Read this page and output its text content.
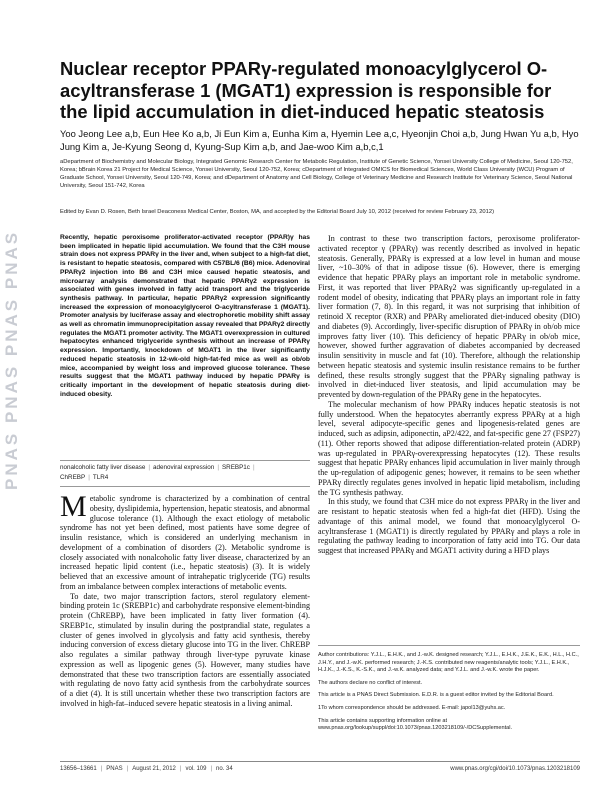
PNAS PNAS PNAS PNAS
Nuclear receptor PPARγ-regulated monoacylglycerol O-acyltransferase 1 (MGAT1) expression is responsible for the lipid accumulation in diet-induced hepatic steatosis
Yoo Jeong Lee a,b, Eun Hee Ko a,b, Ji Eun Kim a, Eunha Kim a, Hyemin Lee a,c, Hyeonjin Choi a,b, Jung Hwan Yu a,b, Hyo Jung Kim a, Je-Kyung Seong d, Kyung-Sup Kim a,b, and Jae-woo Kim a,b,c,1
aDepartment of Biochemistry and Molecular Biology, Integrated Genomic Research Center for Metabolic Regulation, Institute of Genetic Science, Yonsei University College of Medicine, Seoul 120-752, Korea; bBrain Korea 21 Project for Medical Science, Yonsei University, Seoul 120-752, Korea; cDepartment of Integrated OMICS for Biomedical Sciences, World Class University (WCU) Program of Graduate School, Yonsei University, Seoul 120-749, Korea; and dDepartment of Anatomy and Cell Biology, College of Veterinary Medicine and Research Institute for Veterinary Science, Seoul National University, Seoul 151-742, Korea
Edited by Evan D. Rosen, Beth Israel Deaconess Medical Center, Boston, MA, and accepted by the Editorial Board July 10, 2012 (received for review February 23, 2012)
Recently, hepatic peroxisome proliferator-activated receptor (PPAR)γ has been implicated in hepatic lipid accumulation. We found that the C3H mouse strain does not express PPARγ in the liver and, when subject to a high-fat diet, is resistant to hepatic steatosis, compared with C57BL/6 (B6) mice. Adenoviral PPARγ2 injection into B6 and C3H mice caused hepatic steatosis, and microarray analysis demonstrated that hepatic PPARγ2 expression is associated with genes involved in fatty acid transport and the triglyceride synthesis pathway. In particular, hepatic PPARγ2 expression significantly increased the expression of monoacylglycerol O-acyltransferase 1 (MGAT1). Promoter analysis by luciferase assay and electrophoretic mobility shift assay as well as chromatin immunoprecipitation assay revealed that PPARγ2 directly regulates the MGAT1 promoter activity. The MGAT1 overexpression in cultured hepatocytes enhanced triglyceride synthesis without an increase of PPARγ expression. Importantly, knockdown of MGAT1 in the liver significantly reduced hepatic steatosis in 12-wk-old high-fat-fed mice as well as ob/ob mice, accompanied by weight loss and improved glucose tolerance. These results suggest that the MGAT1 pathway induced by hepatic PPARγ is critically important in the development of hepatic steatosis during diet-induced obesity.
nonalcoholic fatty liver disease | adenoviral expression | SREBP1c |
ChREBP | TLR4

Metabolic syndrome is characterized by a combination of central obesity, dyslipidemia, hypertension, hepatic steatosis, and abnormal glucose tolerance (1). Although the exact etiology of metabolic syndrome has not yet been defined, most patients have some degree of insulin resistance, which is considered an underlying mechanism in development of a combination of disorders (2). Metabolic syndrome is closely associated with nonalcoholic fatty liver disease, characterized by an increased hepatic lipid content (i.e., hepatic steatosis) (3). It is widely believed that an excessive amount of intrahepatic triglyceride (TG) results from an imbalance between complex interactions of metabolic events.

To date, two major transcription factors, sterol regulatory element-binding protein 1c (SREBP1c) and carbohydrate responsive element-binding protein (ChREBP), have been implicated in fatty liver formation (4). SREBP1c, stimulated by insulin during the postprandial state, regulates a cluster of genes involved in glycolysis and fatty acid synthesis, thereby inducing conversion of excess dietary glucose into TG in the liver. ChREBP also regulates a similar pathway through liver-type pyruvate kinase expression as well as lipogenic genes (5). However, many studies have demonstrated that these two transcription factors are essentially associated with regulating de novo fatty acid synthesis from the carbohydrate sources of a diet (4). It is still uncertain whether these two transcription factors are involved in high-fat–induced severe hepatic steatosis in a living animal.

In contrast to these two transcription factors, peroxisome proliferator-activated receptor γ (PPARγ) was recently described as involved in hepatic steatosis. Generally, PPARγ is expressed at a low level in human and mouse liver, ~10–30% of that in adipose tissue (6). However, there is emerging evidence that hepatic PPARγ plays an important role in metabolic syndrome. First, it was reported that liver PPARγ2 was significantly up-regulated in a rodent model of obesity, indicating that PPARγ plays an important role in fatty liver formation (7, 8). In this regard, it was not surprising that inhibition of retinoid X receptor (RXR) and PPARγ ameliorated diet-induced obesity (DIO) and diabetes (9). Accordingly, liver-specific disruption of PPARγ in ob/ob mice improves fatty liver (10). This deficiency of hepatic PPARγ in ob/ob mice, however, showed further aggravation of diabetes accompanied by decreased insulin sensitivity in muscle and fat (10). Therefore, although the relationship between hepatic steatosis and systemic insulin resistance remains to be further defined, these results strongly suggest that the PPARγ signaling pathway is involved in diet-induced liver steatosis, and lipid accumulation may be prevented by down-regulation of the PPARγ gene in the hepatocytes.

The molecular mechanism of how PPARγ induces hepatic steatosis is not fully understood. When the hepatocytes aberrantly express PPARγ at a high level, several adipocyte-specific genes and lipogenesis-related genes are induced, such as adipsin, adiponectin, aP2/422, and fat-specific gene 27 (FSP27) (11). Other reports showed that adipose differentiation-related protein (ADRP) was up-regulated in PPARγ-overexpressing hepatocytes (12). These results suggest that hepatic PPARγ enhances lipid accumulation in liver mainly through the up-regulation of adipogenic genes; however, it remains to be seen whether PPARγ directly regulates genes involved in hepatic lipid metabolism, including the TG synthesis pathway.

In this study, we found that C3H mice do not express PPARγ in the liver and are resistant to hepatic steatosis when fed a high-fat diet (HFD). Using the advantage of this animal model, we found that monoacylglycerol O-acyltransferase 1 (MGAT1) is directly regulated by PPARγ and plays a role in regulating the pathway leading to incorporation of fatty acid into TG. Our data suggest that increased PPARγ and MGAT1 activity during a HFD plays

Author contributions: Y.J.L., E.H.K., and J.-w.K. designed research; Y.J.L., E.H.K., J.E.K., E.K., H.L., H.C., J.H.Y., and J.-w.K. performed research; J.-K.S. contributed new reagents/analytic tools; Y.J.L., E.H.K., H.J.K., J.-K.S., K.-S.K., and J.-w.K. analyzed data; and Y.J.L. and J.-w.K. wrote the paper.

The authors declare no conflict of interest.

This article is a PNAS Direct Submission. E.D.R. is a guest editor invited by the Editorial Board.

1To whom correspondence should be addressed. E-mail: japol13@yuhs.ac.

This article contains supporting information online at www.pnas.org/lookup/suppl/doi:10.1073/pnas.1203218109/-/DCSupplemental.

13656–13661 | PNAS | August 21, 2012 | vol. 109 | no. 34	www.pnas.org/cgi/doi/10.1073/pnas.1203218109
